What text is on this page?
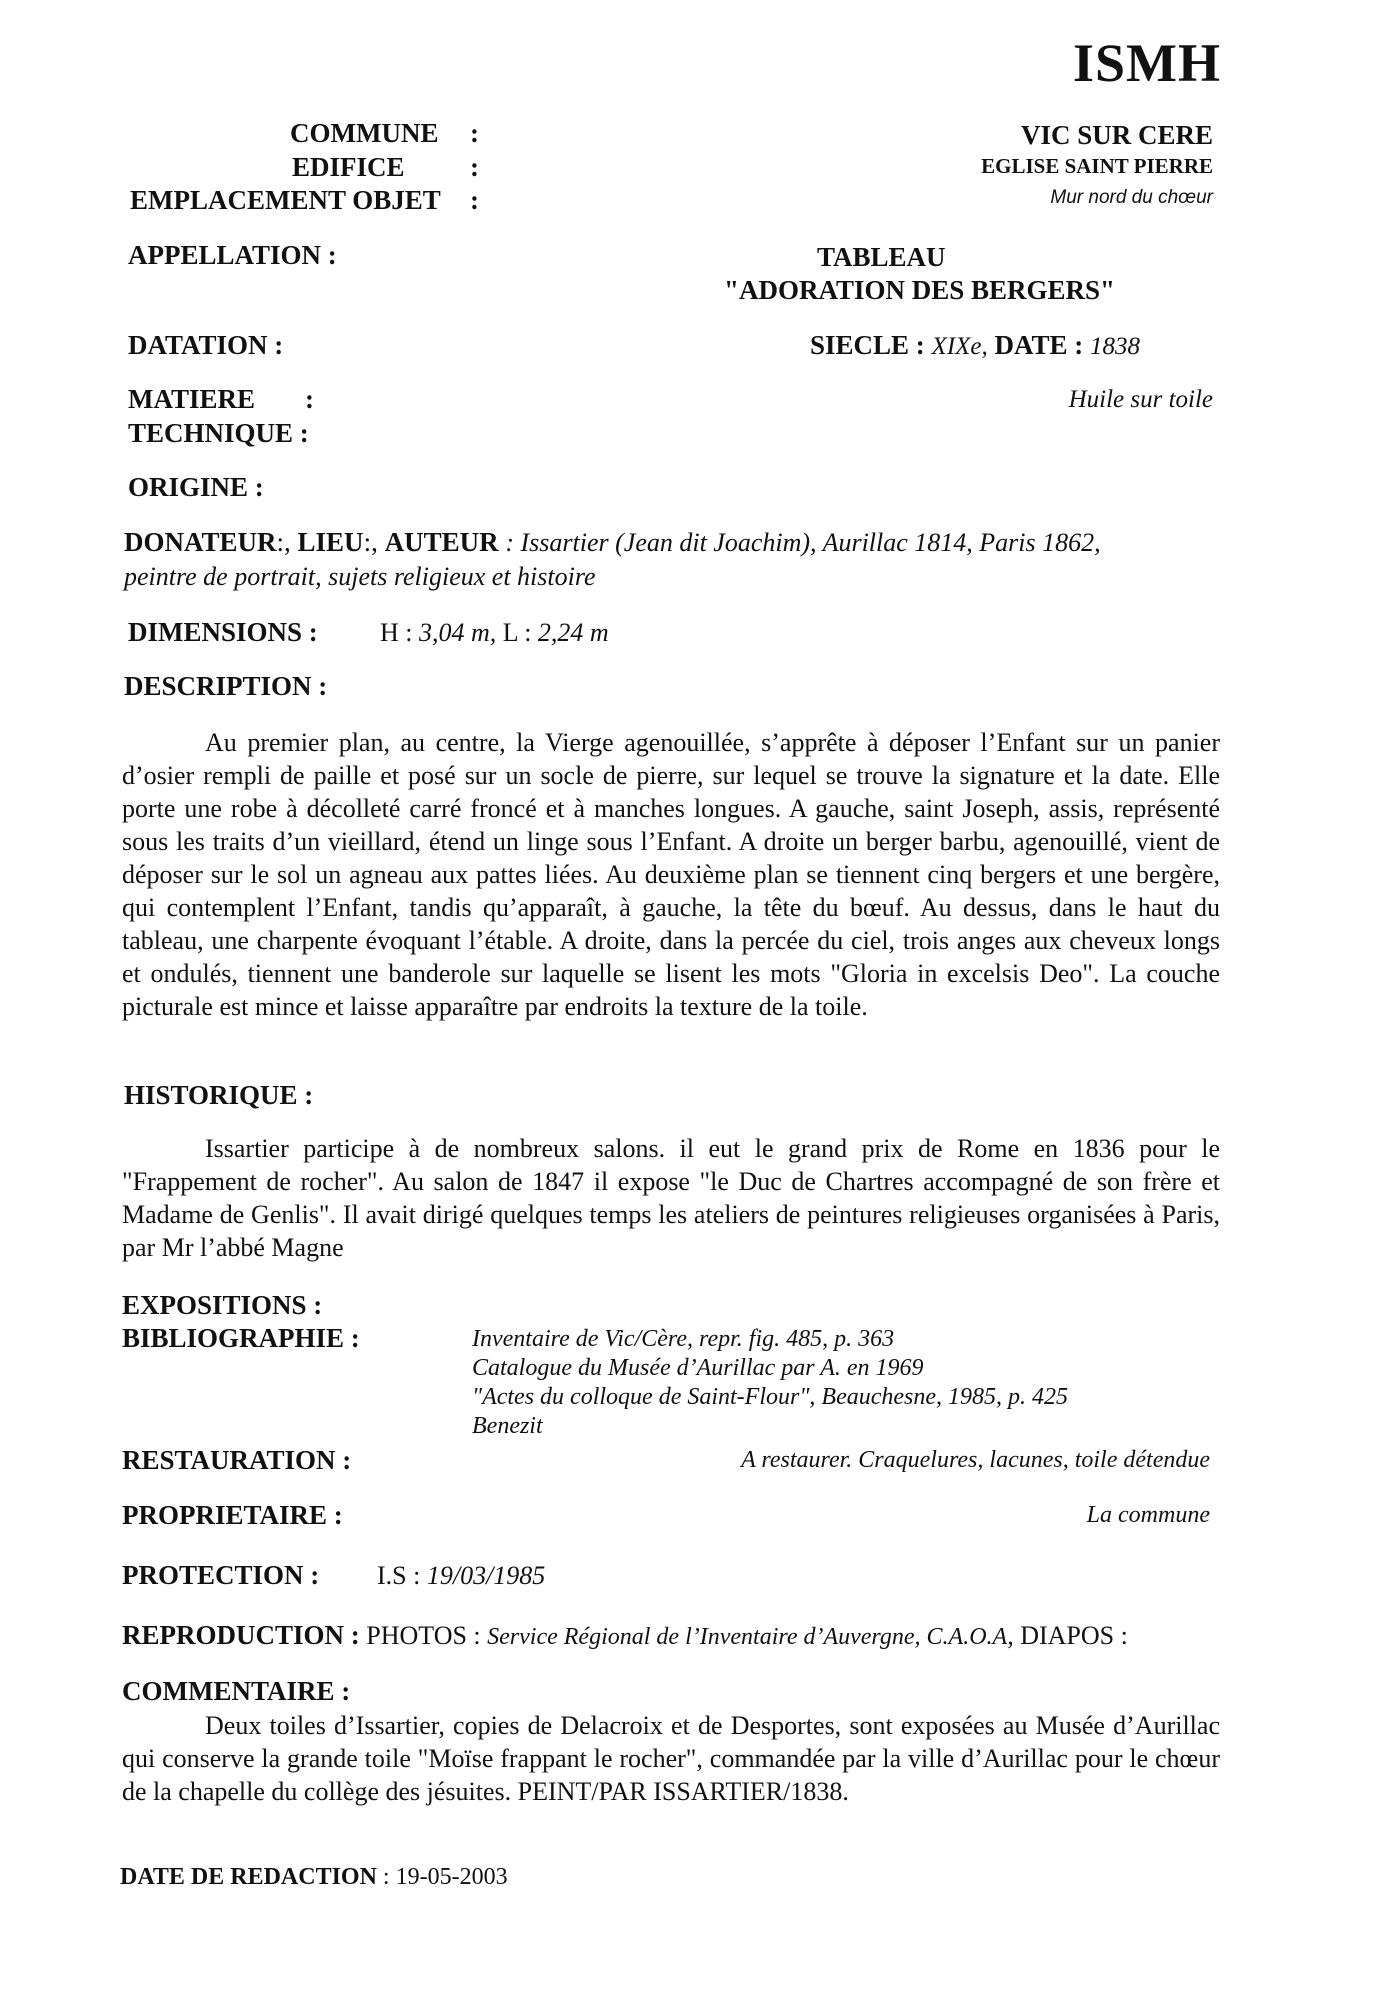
ISMH
COMMUNE :	VIC SUR CERE
EDIFICE :	EGLISE SAINT PIERRE
EMPLACEMENT OBJET :	Mur nord du chœur
APPELLATION :	TABLEAU
"ADORATION DES BERGERS"
DATATION :	SIECLE : XIXe, DATE : 1838
MATIERE :	Huile sur toile
TECHNIQUE :
ORIGINE :
DONATEUR:, LIEU:, AUTEUR : Issartier (Jean dit Joachim), Aurillac 1814, Paris 1862,
peintre de portrait, sujets religieux et histoire
DIMENSIONS : H : 3,04 m, L : 2,24 m
DESCRIPTION :

Au premier plan, au centre, la Vierge agenouillée, s’apprête à déposer l’Enfant sur un panier d’osier rempli de paille et posé sur un socle de pierre, sur lequel se trouve la signature et la date. Elle porte une robe à décolleté carré froncé et à manches longues. A gauche, saint Joseph, assis, représenté sous les traits d’un vieillard, étend un linge sous l’Enfant. A droite un berger barbu, agenouillé, vient de déposer sur le sol un agneau aux pattes liées. Au deuxième plan se tiennent cinq bergers et une bergère, qui contemplent l’Enfant, tandis qu’apparaît, à gauche, la tête du bœuf. Au dessus, dans le haut du tableau, une charpente évoquant l’étable. A droite, dans la percée du ciel, trois anges aux cheveux longs et ondulés, tiennent une banderole sur laquelle se lisent les mots "Gloria in excelsis Deo". La couche picturale est mince et laisse apparaître par endroits la texture de la toile.

HISTORIQUE :

Issartier participe à de nombreux salons. il eut le grand prix de Rome en 1836 pour le "Frappement de rocher". Au salon de 1847 il expose "le Duc de Chartres accompagné de son frère et Madame de Genlis". Il avait dirigé quelques temps les ateliers de peintures religieuses organisées à Paris, par Mr l’abbé Magne

EXPOSITIONS :
BIBLIOGRAPHIE :	Inventaire de Vic/Cère, repr. fig. 485, p. 363
Catalogue du Musée d’Aurillac par A. en 1969
"Actes du colloque de Saint-Flour", Beauchesne, 1985, p. 425
Benezit
RESTAURATION :	A restaurer. Craquelures, lacunes, toile détendue
PROPRIETAIRE :	La commune
PROTECTION : I.S : 19/03/1985
REPRODUCTION : PHOTOS : Service Régional de l’Inventaire d’Auvergne, C.A.O.A, DIAPOS :
COMMENTAIRE :

Deux toiles d’Issartier, copies de Delacroix et de Desportes, sont exposées au Musée d’Aurillac qui conserve la grande toile "Moïse frappant le rocher", commandée par la ville d’Aurillac pour le chœur de la chapelle du collège des jésuites. PEINT/PAR ISSARTIER/1838.

DATE DE REDACTION : 19-05-2003
